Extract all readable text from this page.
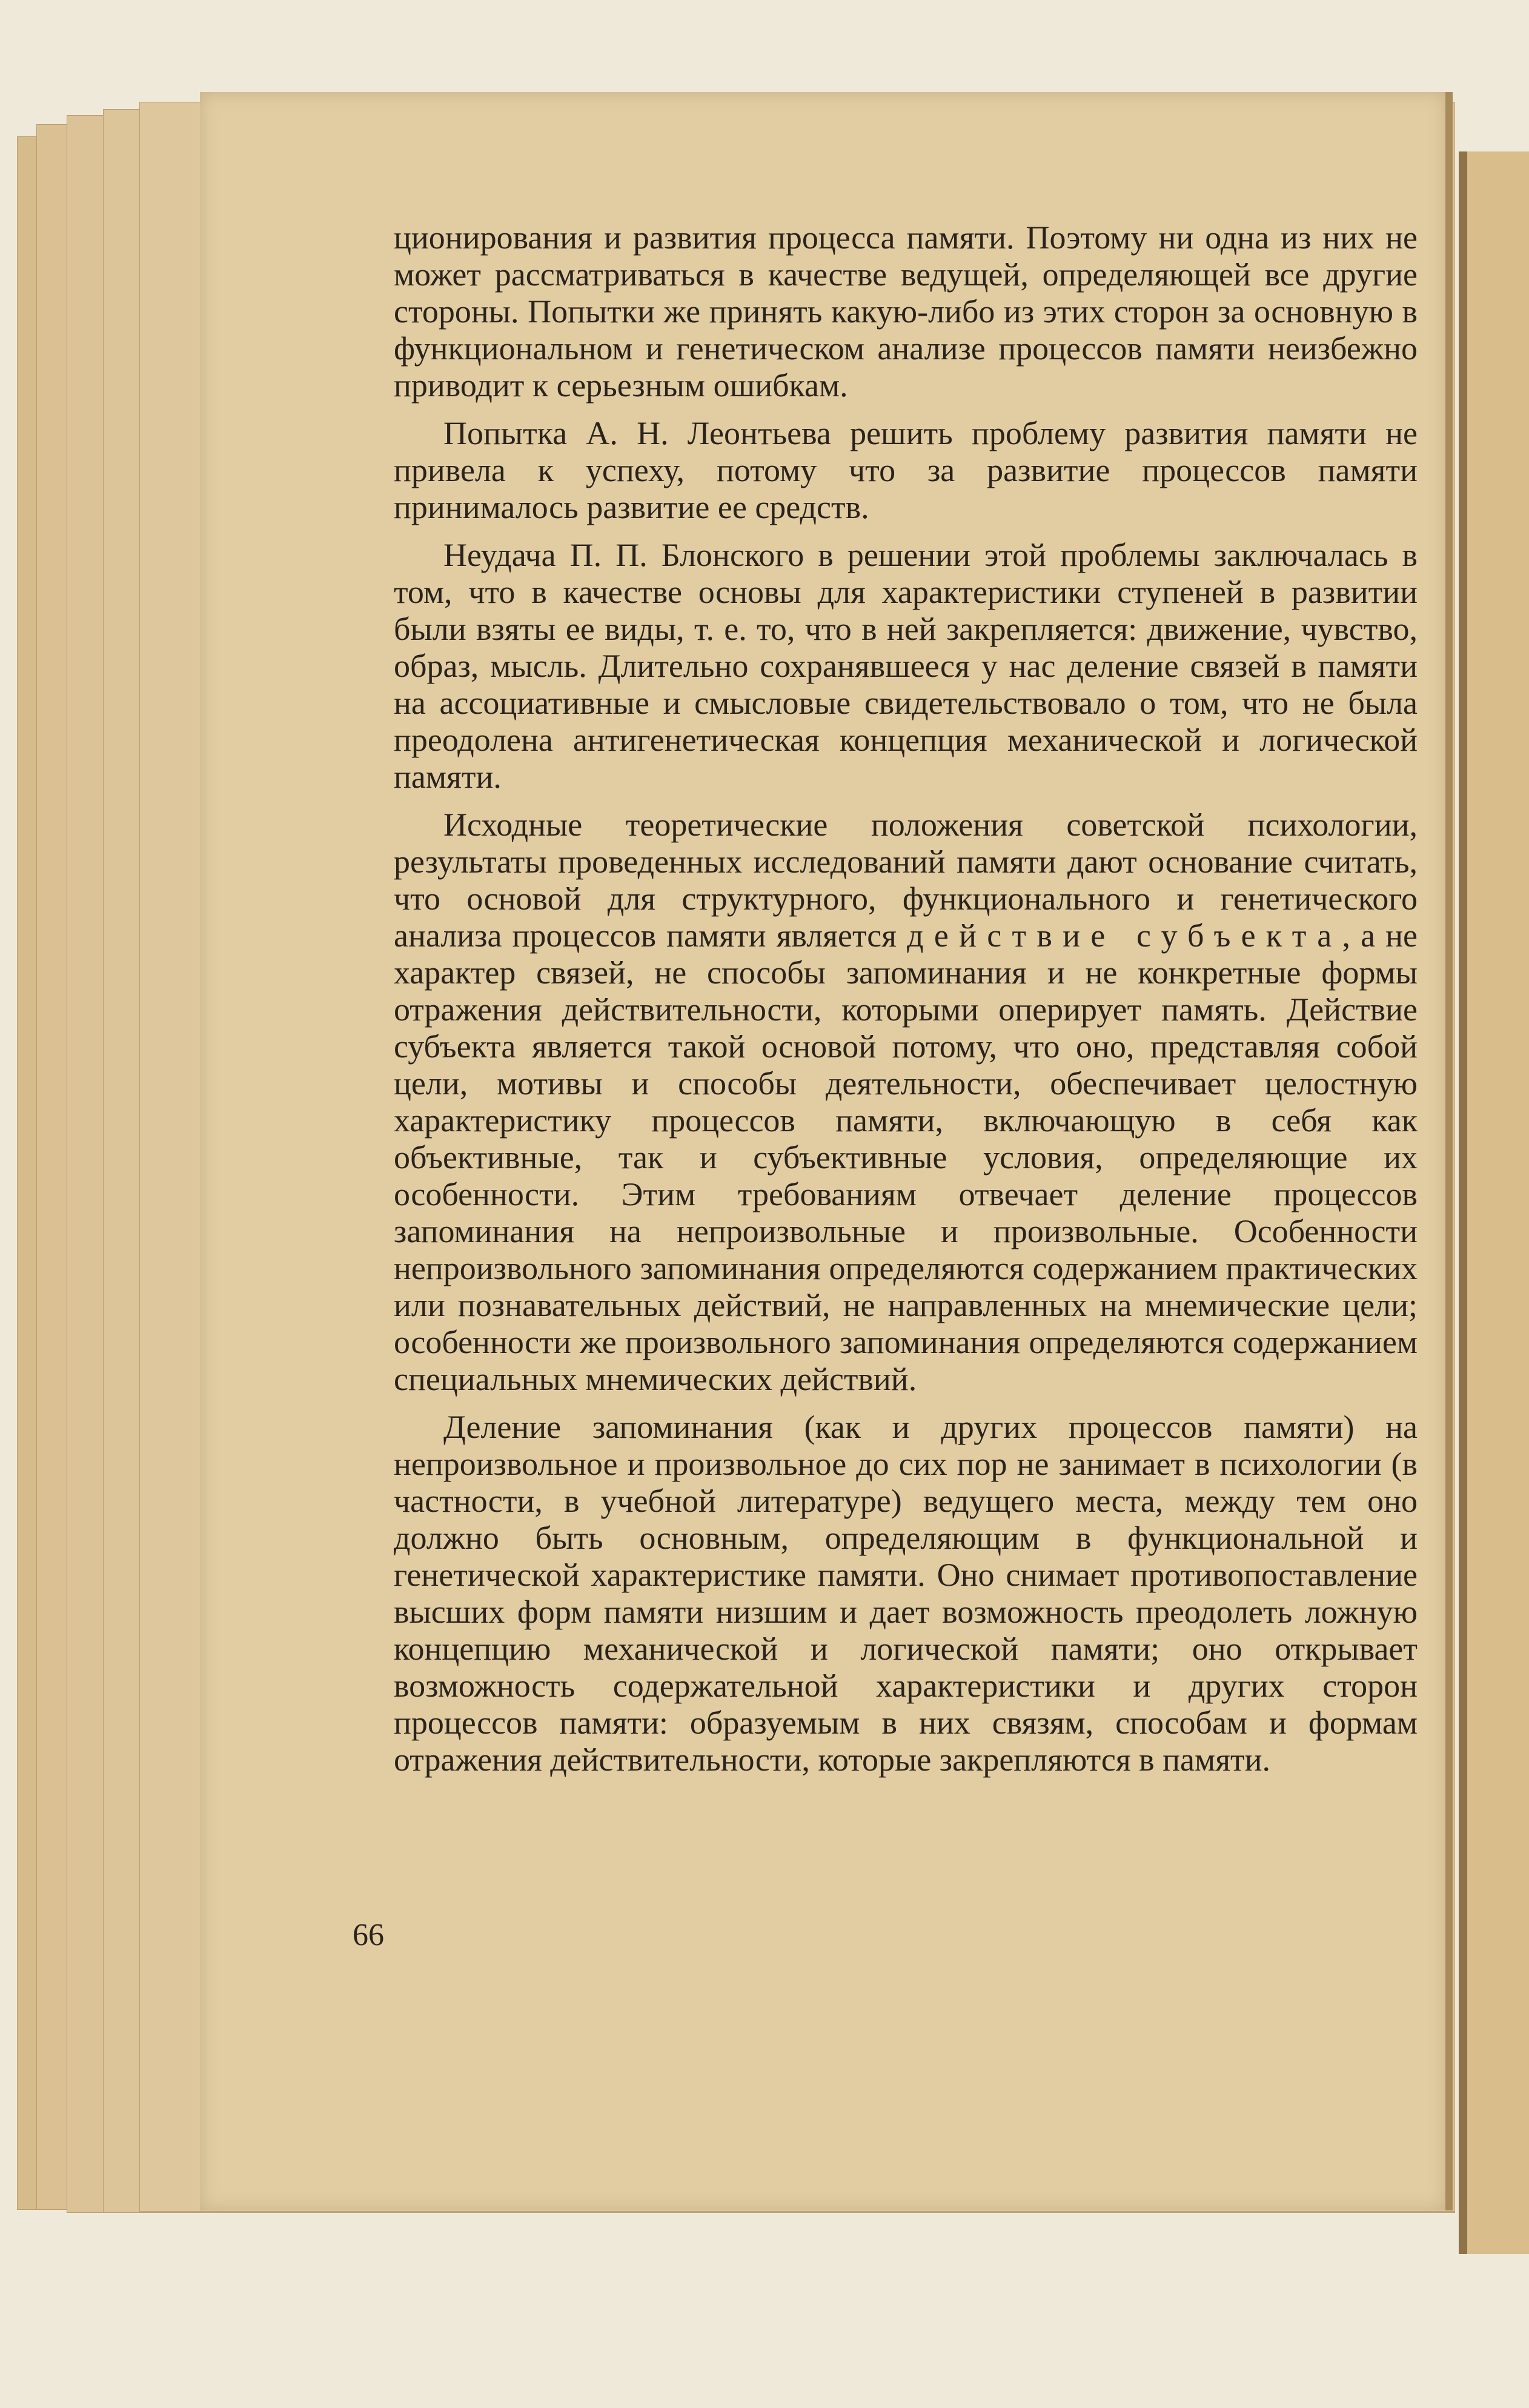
ционирования и развития процесса памяти. Поэтому ни одна из них не может рассматриваться в качестве ведущей, определяющей все другие стороны. Попытки же принять какую-либо из этих сторон за основную в функциональном и генетическом анализе процессов памяти неизбежно приводит к серьезным ошибкам.

Попытка А. Н. Леонтьева решить проблему развития памяти не привела к успеху, потому что за развитие процессов памяти принималось развитие ее средств.

Неудача П. П. Блонского в решении этой проблемы заключалась в том, что в качестве основы для характеристики ступеней в развитии были взяты ее виды, т. е. то, что в ней закрепляется: движение, чувство, образ, мысль. Длительно сохранявшееся у нас деление связей в памяти на ассоциативные и смысловые свидетельствовало о том, что не была преодолена антигенетическая концепция механической и логической памяти.

Исходные теоретические положения советской психологии, результаты проведенных исследований памяти дают основание считать, что основой для структурного, функционального и генетического анализа процессов памяти является действие субъекта, а не характер связей, не способы запоминания и не конкретные формы отражения действительности, которыми оперирует память. Действие субъекта является такой основой потому, что оно, представляя собой цели, мотивы и способы деятельности, обеспечивает целостную характеристику процессов памяти, включающую в себя как объективные, так и субъективные условия, определяющие их особенности. Этим требованиям отвечает деление процессов запоминания на непроизвольные и произвольные. Особенности непроизвольного запоминания определяются содержанием практических или познавательных действий, не направленных на мнемические цели; особенности же произвольного запоминания определяются содержанием специальных мнемических действий.

Деление запоминания (как и других процессов памяти) на непроизвольное и произвольное до сих пор не занимает в психологии (в частности, в учебной литературе) ведущего места, между тем оно должно быть основным, определяющим в функциональной и генетической характеристике памяти. Оно снимает противопоставление высших форм памяти низшим и дает возможность преодолеть ложную концепцию механической и логической памяти; оно открывает возможность содержательной характеристики и других сторон процессов памяти: образуемым в них связям, способам и формам отражения действительности, которые закрепляются в памяти.

66
